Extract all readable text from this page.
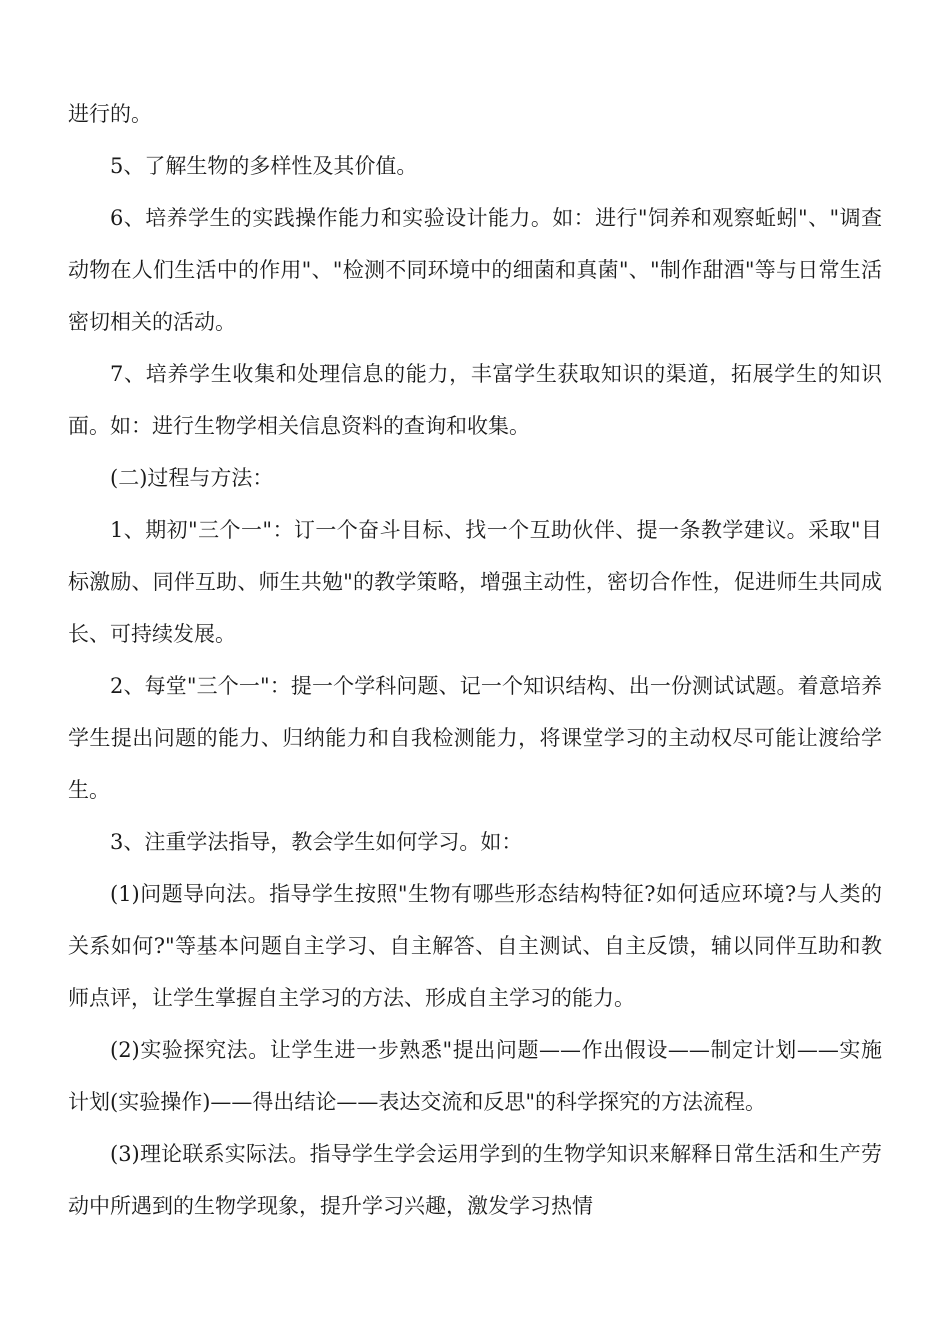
进行的。

5、了解生物的多样性及其价值。

6、培养学生的实践操作能力和实验设计能力。如：进行"饲养和观察蚯蚓"、"调查动物在人们生活中的作用"、"检测不同环境中的细菌和真菌"、"制作甜酒"等与日常生活密切相关的活动。

7、培养学生收集和处理信息的能力，丰富学生获取知识的渠道，拓展学生的知识面。如：进行生物学相关信息资料的查询和收集。

(二)过程与方法：

1、期初"三个一"：订一个奋斗目标、找一个互助伙伴、提一条教学建议。采取"目标激励、同伴互助、师生共勉"的教学策略，增强主动性，密切合作性，促进师生共同成长、可持续发展。

2、每堂"三个一"：提一个学科问题、记一个知识结构、出一份测试试题。着意培养学生提出问题的能力、归纳能力和自我检测能力，将课堂学习的主动权尽可能让渡给学生。

3、注重学法指导，教会学生如何学习。如：

(1)问题导向法。指导学生按照"生物有哪些形态结构特征?如何适应环境?与人类的关系如何?"等基本问题自主学习、自主解答、自主测试、自主反馈，辅以同伴互助和教师点评，让学生掌握自主学习的方法、形成自主学习的能力。

(2)实验探究法。让学生进一步熟悉"提出问题——作出假设——制定计划——实施计划(实验操作)——得出结论——表达交流和反思"的科学探究的方法流程。

(3)理论联系实际法。指导学生学会运用学到的生物学知识来解释日常生活和生产劳动中所遇到的生物学现象，提升学习兴趣，激发学习热情
